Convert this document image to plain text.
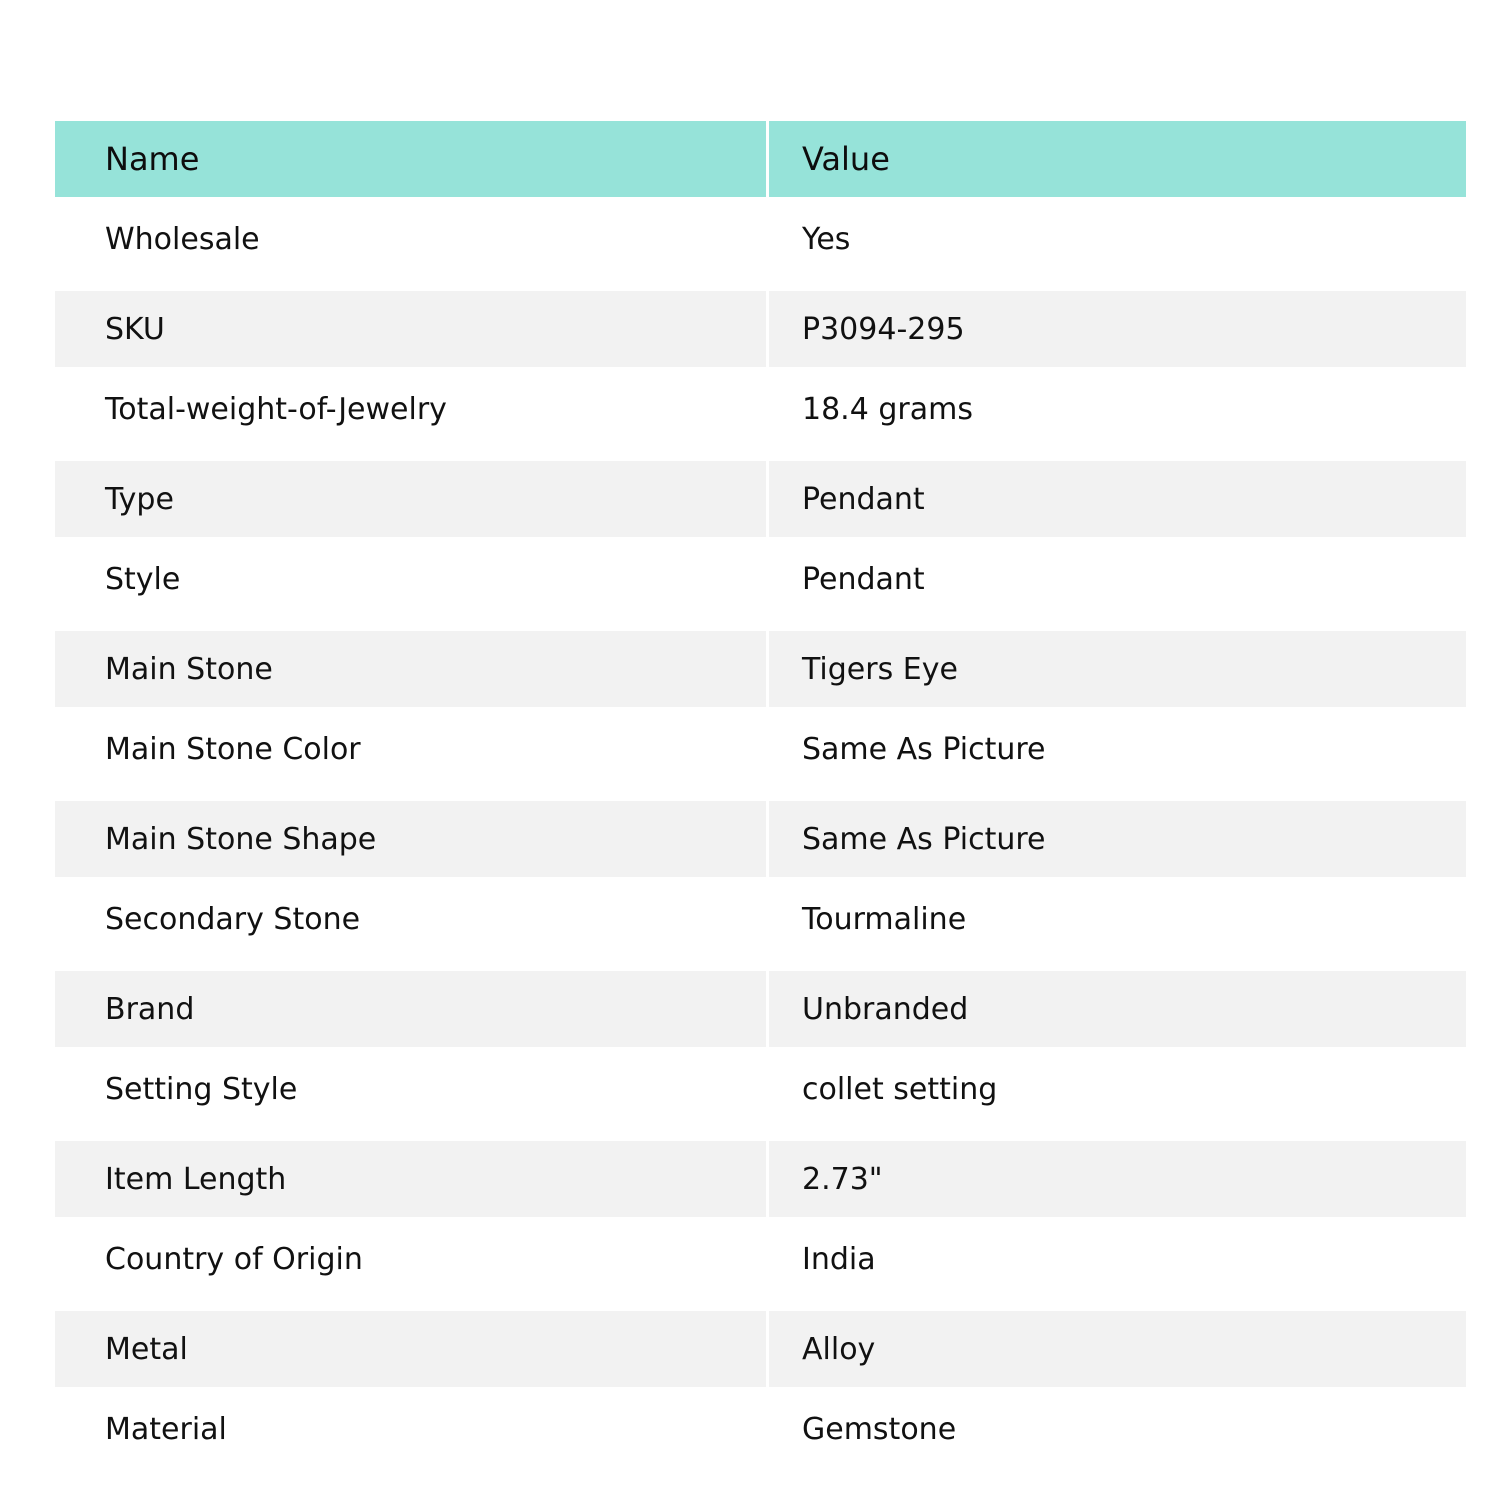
Name	Value
Wholesale	Yes
SKU	P3094-295
Total-weight-of-Jewelry	18.4 grams
Type	Pendant
Style	Pendant
Main Stone	Tigers Eye
Main Stone Color	Same As Picture
Main Stone Shape	Same As Picture
Secondary Stone	Tourmaline
Brand	Unbranded
Setting Style	collet setting
Item Length	2.73"
Country of Origin	India
Metal	Alloy
Material	Gemstone
